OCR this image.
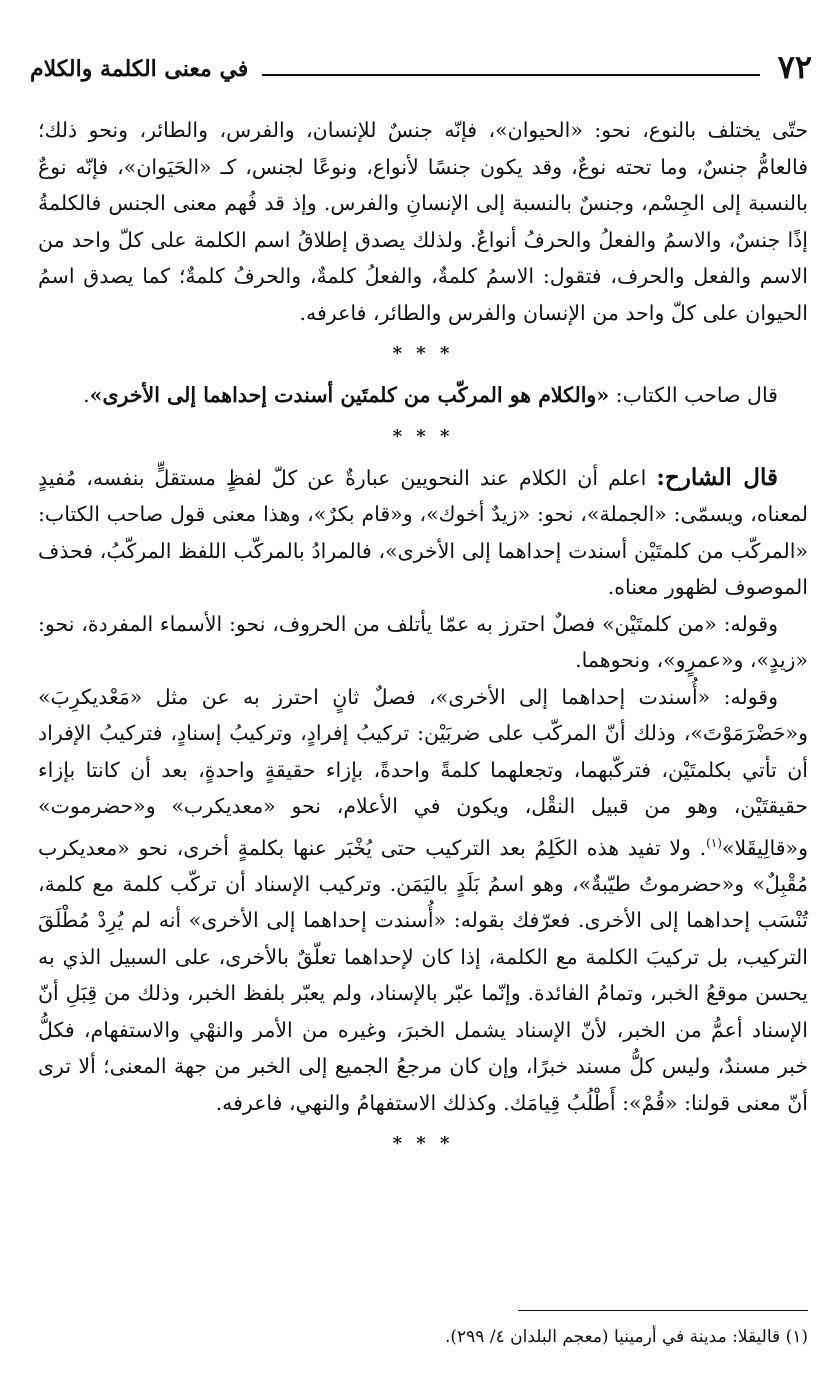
٧٢
في معنى الكلمة والكلام

حتّى يختلف بالنوع، نحو: «الحيوان»، فإنّه جنسٌ للإنسان، والفرس، والطائر، ونحو ذلك؛ فالعامُّ جنسٌ، وما تحته نوعٌ، وقد يكون جنسًا لأنواع، ونوعًا لجنس، كـ «الحَيَوان»، فإنّه نوعٌ بالنسبة إلى الجِسْم، وجنسٌ بالنسبة إلى الإنسانِ والفرس. وإذ قد فُهم معنى الجنس فالكلمةُ إذًا جنسٌ، والاسمُ والفعلُ والحرفُ أنواعٌ. ولذلك يصدق إطلاقُ اسم الكلمة على كلّ واحد من الاسم والفعل والحرف، فتقول: الاسمُ كلمةٌ، والفعلُ كلمةٌ، والحرفُ كلمةٌ؛ كما يصدق اسمُ الحيوان على كلّ واحد من الإنسان والفرس والطائر، فاعرفه.

* * *

قال صاحب الكتاب: «والكلام هو المركّب من كلمتَين أسندت إحداهما إلى الأخرى».

* * *

قال الشارح: اعلم أن الكلام عند النحويين عبارةٌ عن كلّ لفظٍ مستقلٍّ بنفسه، مُفيدٍ لمعناه، ويسمّى: «الجملة»، نحو: «زيدٌ أخوك»، و«قام بكرٌ»، وهذا معنى قول صاحب الكتاب: «المركّب من كلمتَيْن أسندت إحداهما إلى الأخرى»، فالمرادُ بالمركّب اللفظ المركّبُ، فحذف الموصوف لظهور معناه.

وقوله: «من كلمتَيْن» فصلٌ احترز به عمّا يأتلف من الحروف، نحو: الأسماء المفردة، نحو: «زيدٍ»، و«عمرٍو»، ونحوهما.

وقوله: «أُسندت إحداهما إلى الأخرى»، فصلٌ ثانٍ احترز به عن مثل «مَعْديكرِبَ» و«حَضْرَمَوْتَ»، وذلك أنّ المركّب على ضربَيْن: تركيبُ إفرادٍ، وتركيبُ إسنادٍ، فتركيبُ الإفراد أن تأتي بكلمتَيْن، فتركّبهما، وتجعلهما كلمةً واحدةً، بإزاء حقيقةٍ واحدةٍ، بعد أن كانتا بإزاء حقيقتَيْن، وهو من قبيل النقْل، ويكون في الأعلام، نحو «معديكرب» و«حضرموت» و«قالِيقَلا»$^{(١)}$. ولا تفيد هذه الكَلِمُ بعد التركيب حتى يُخْبَر عنها بكلمةٍ أخرى، نحو «معديكرب مُقْبِلٌ» و«حضرموتُ طيّبةٌ»، وهو اسمُ بَلَدٍ باليَمَن. وتركيب الإسناد أن تركّب كلمة مع كلمة، تُنْسَب إحداهما إلى الأخرى. فعرّفك بقوله: «أُسندت إحداهما إلى الأخرى» أنه لم يُرِدْ مُطْلَقَ التركيب، بل تركيبَ الكلمة مع الكلمة، إذا كان لإحداهما تعلّقٌ بالأخرى، على السبيل الذي به يحسن موقعُ الخبر، وتمامُ الفائدة. وإنّما عبّر بالإسناد، ولم يعبّر بلفظ الخبر، وذلك من قِبَلِ أنّ الإسناد أعمُّ من الخبر، لأنّ الإسناد يشمل الخبرَ، وغيره من الأمر والنهْي والاستفهام، فكلُّ خبر مسندٌ، وليس كلُّ مسند خبرًا، وإن كان مرجعُ الجميع إلى الخبر من جهة المعنى؛ ألا ترى أنّ معنى قولنا: «قُمْ»: أَطْلُبُ قِيامَك. وكذلك الاستفهامُ والنهي، فاعرفه.

* * *
(١) قاليقلا: مدينة في أرمينيا (معجم البلدان ٤/ ٢٩٩).
